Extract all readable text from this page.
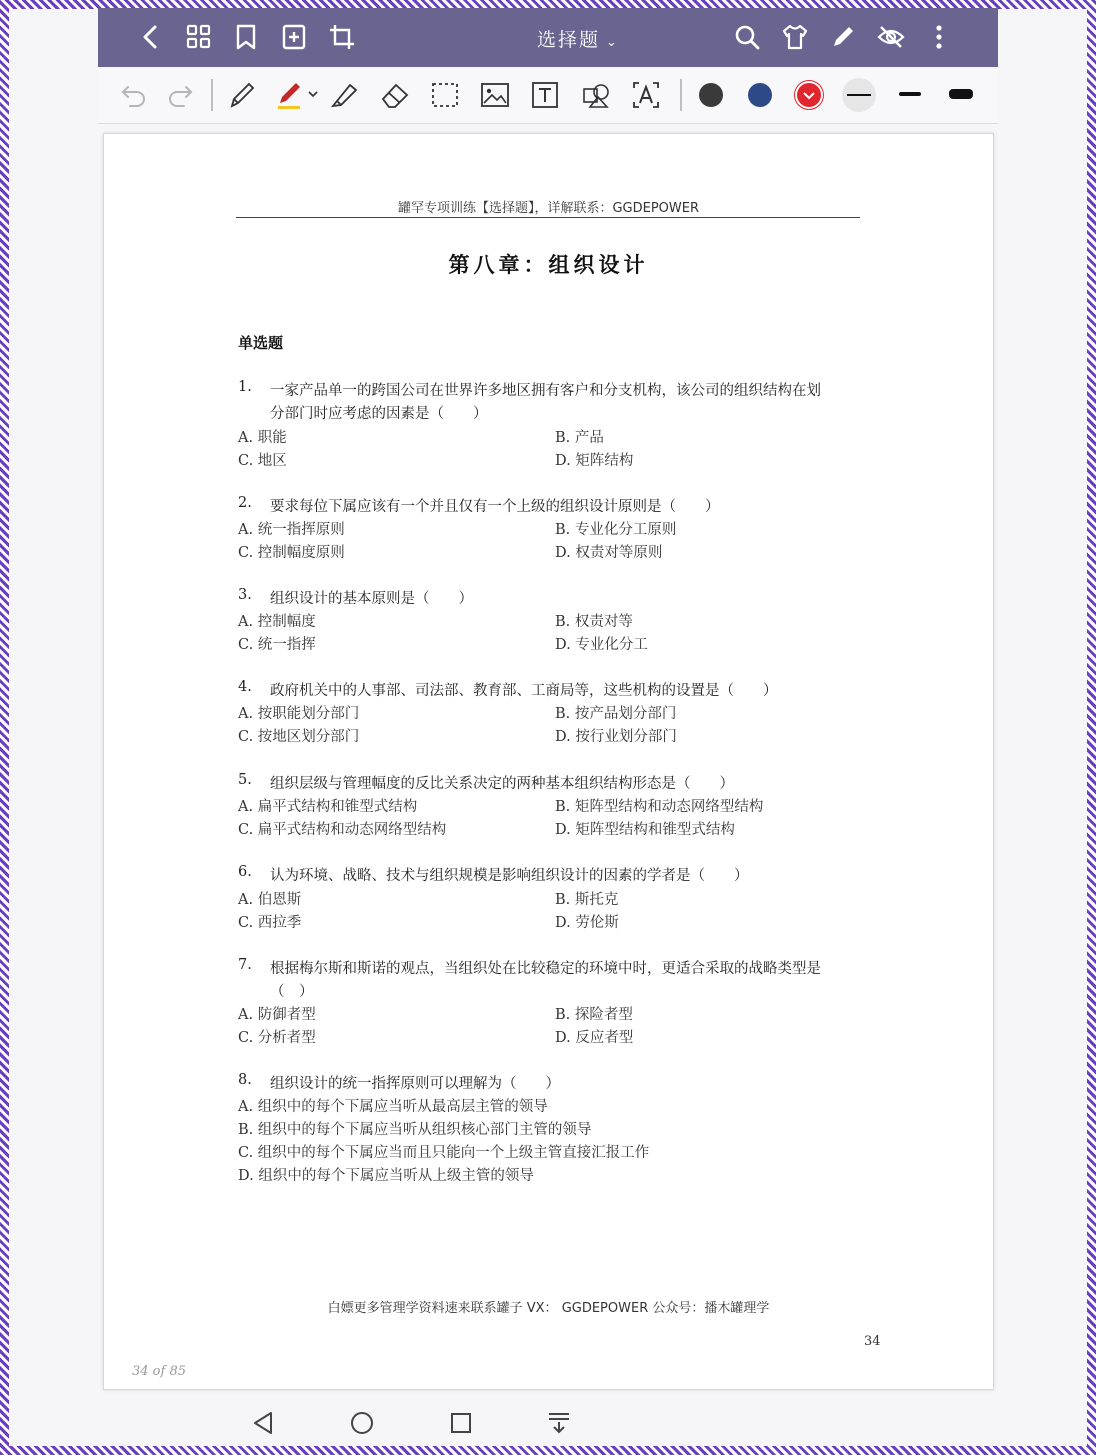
选择题 ⌄
罐罕专项训练【选择题】，详解联系：GGDEPOWER
第八章：组织设计
单选题
1. 一家产品单一的跨国公司在世界许多地区拥有客户和分支机构，该公司的组织结构在划
分部门时应考虑的因素是（　　）
A. 职能	B. 产品
C. 地区	D. 矩阵结构
2. 要求每位下属应该有一个并且仅有一个上级的组织设计原则是（　　）
A. 统一指挥原则	B. 专业化分工原则
C. 控制幅度原则	D. 权责对等原则
3. 组织设计的基本原则是（　　）
A. 控制幅度	B. 权责对等
C. 统一指挥	D. 专业化分工
4. 政府机关中的人事部、司法部、教育部、工商局等，这些机构的设置是（　　）
A. 按职能划分部门	B. 按产品划分部门
C. 按地区划分部门	D. 按行业划分部门
5. 组织层级与管理幅度的反比关系决定的两种基本组织结构形态是（　　）
A. 扁平式结构和锥型式结构	B. 矩阵型结构和动态网络型结构
C. 扁平式结构和动态网络型结构	D. 矩阵型结构和锥型式结构
6. 认为环境、战略、技术与组织规模是影响组织设计的因素的学者是（　　）
A. 伯恩斯	B. 斯托克
C. 西拉季	D. 劳伦斯
7. 根据梅尔斯和斯诺的观点，当组织处在比较稳定的环境中时，更适合采取的战略类型是
（　）
A. 防御者型	B. 探险者型
C. 分析者型	D. 反应者型
8. 组织设计的统一指挥原则可以理解为（　　）
A. 组织中的每个下属应当听从最高层主管的领导
B. 组织中的每个下属应当听从组织核心部门主管的领导
C. 组织中的每个下属应当而且只能向一个上级主管直接汇报工作
D. 组织中的每个下属应当听从上级主管的领导
白嫖更多管理学资料速来联系罐子 VX： GGDEPOWER 公众号：播木罐理学
34
34 of 85
